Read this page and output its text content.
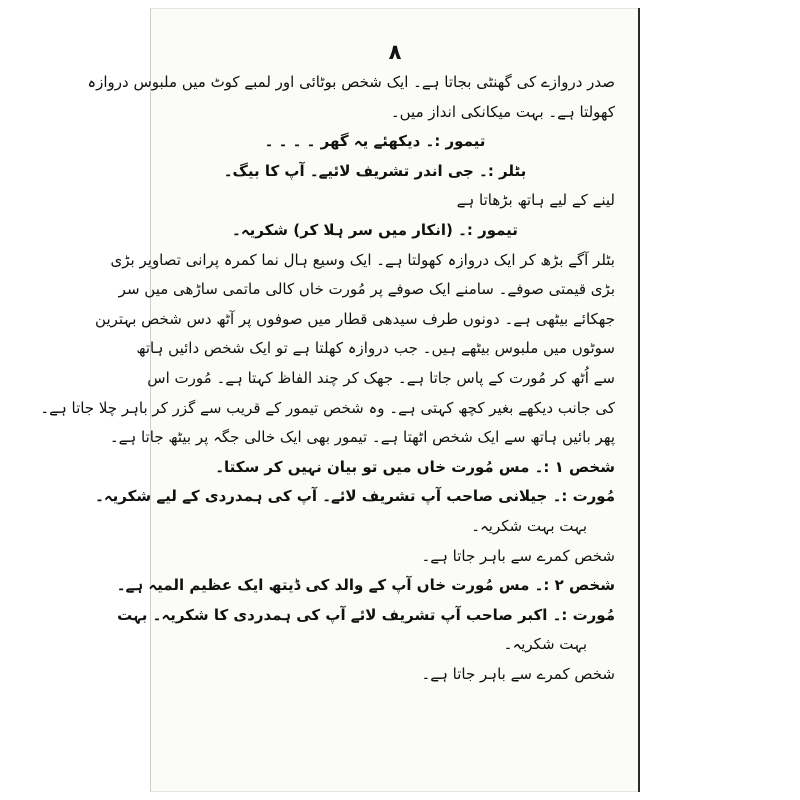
۸
صدر دروازے کی گھنٹی بجاتا ہے۔ ایک شخص بوٹائی اور لمبے کوٹ میں ملبوس دروازہ
کھولتا ہے۔ بہت میکانکی انداز میں۔
تیمور :۔ دیکھئے یہ گھر ۔ ۔ ۔ ۔
بٹلر :۔ جی اندر تشریف لائیے۔ آپ کا بیگ۔
لینے کے لیے ہاتھ بڑھاتا ہے
تیمور :۔ (انکار میں سر ہلا کر) شکریہ۔
بٹلر آگے بڑھ کر ایک دروازہ کھولتا ہے۔ ایک وسیع ہال نما کمرہ پرانی تصاویر بڑی
بڑی قیمتی صوفے۔ سامنے ایک صوفے پر مُورت خاں کالی ماتمی ساڑھی میں سر
جھکائے بیٹھی ہے۔ دونوں طرف سیدھی قطار میں صوفوں پر آٹھ دس شخص بہترین
سوٹوں میں ملبوس بیٹھے ہیں۔ جب دروازہ کھلتا ہے تو ایک شخص دائیں ہاتھ
سے اُٹھ کر مُورت کے پاس جاتا ہے۔ جھک کر چند الفاظ کہتا ہے۔ مُورت اس
کی جانب دیکھے بغیر کچھ کہتی ہے۔ وہ شخص تیمور کے قریب سے گزر کر باہر چلا جاتا ہے۔
پھر بائیں ہاتھ سے ایک شخص اٹھتا ہے۔ تیمور بھی ایک خالی جگہ پر بیٹھ جاتا ہے۔
شخص ۱ :۔ مس مُورت خاں میں تو بیان نہیں کر سکتا۔
مُورت :۔ جیلانی صاحب آپ تشریف لائے۔ آپ کی ہمدردی کے لیے شکریہ۔
بہت بہت شکریہ۔
شخص کمرے سے باہر جاتا ہے۔
شخص ۲ :۔ مس مُورت خاں آپ کے والد کی ڈیتھ ایک عظیم المیہ ہے۔
مُورت :۔ اکبر صاحب آپ تشریف لائے آپ کی ہمدردی کا شکریہ۔ بہت
بہت شکریہ۔
شخص کمرے سے باہر جاتا ہے۔
